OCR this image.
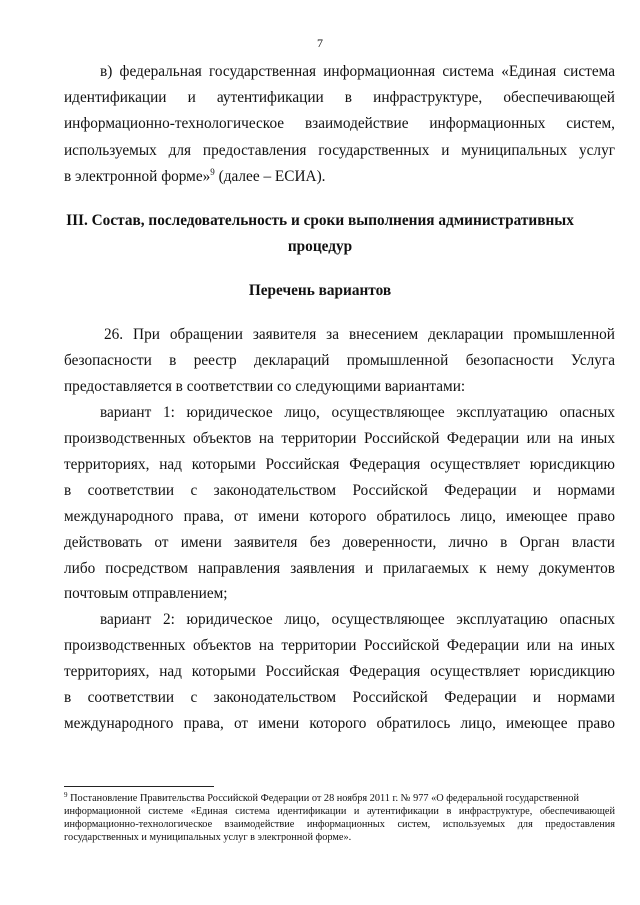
7
в) федеральная государственная информационная система «Единая система
идентификации и аутентификации в инфраструктуре, обеспечивающей
информационно-технологическое взаимодействие информационных систем,
используемых для предоставления государственных и муниципальных услуг
в электронной форме»$^9$ (далее – ЕСИА).
III. Состав, последовательность и сроки выполнения административных
процедур
Перечень вариантов
26. При обращении заявителя за внесением декларации промышленной
безопасности в реестр деклараций промышленной безопасности Услуга
предоставляется в соответствии со следующими вариантами:
вариант 1: юридическое лицо, осуществляющее эксплуатацию опасных
производственных объектов на территории Российской Федерации или на иных
территориях, над которыми Российская Федерация осуществляет юрисдикцию
в соответствии с законодательством Российской Федерации и нормами
международного права, от имени которого обратилось лицо, имеющее право
действовать от имени заявителя без доверенности, лично в Орган власти
либо посредством направления заявления и прилагаемых к нему документов
почтовым отправлением;
вариант 2: юридическое лицо, осуществляющее эксплуатацию опасных
производственных объектов на территории Российской Федерации или на иных
территориях, над которыми Российская Федерация осуществляет юрисдикцию
в соответствии с законодательством Российской Федерации и нормами
международного права, от имени которого обратилось лицо, имеющее право
$^9$ Постановление Правительства Российской Федерации от 28 ноября 2011 г. № 977 «О федеральной государственной
информационной системе «Единая система идентификации и аутентификации в инфраструктуре, обеспечивающей
информационно-технологическое взаимодействие информационных систем, используемых для предоставления
государственных и муниципальных услуг в электронной форме».
